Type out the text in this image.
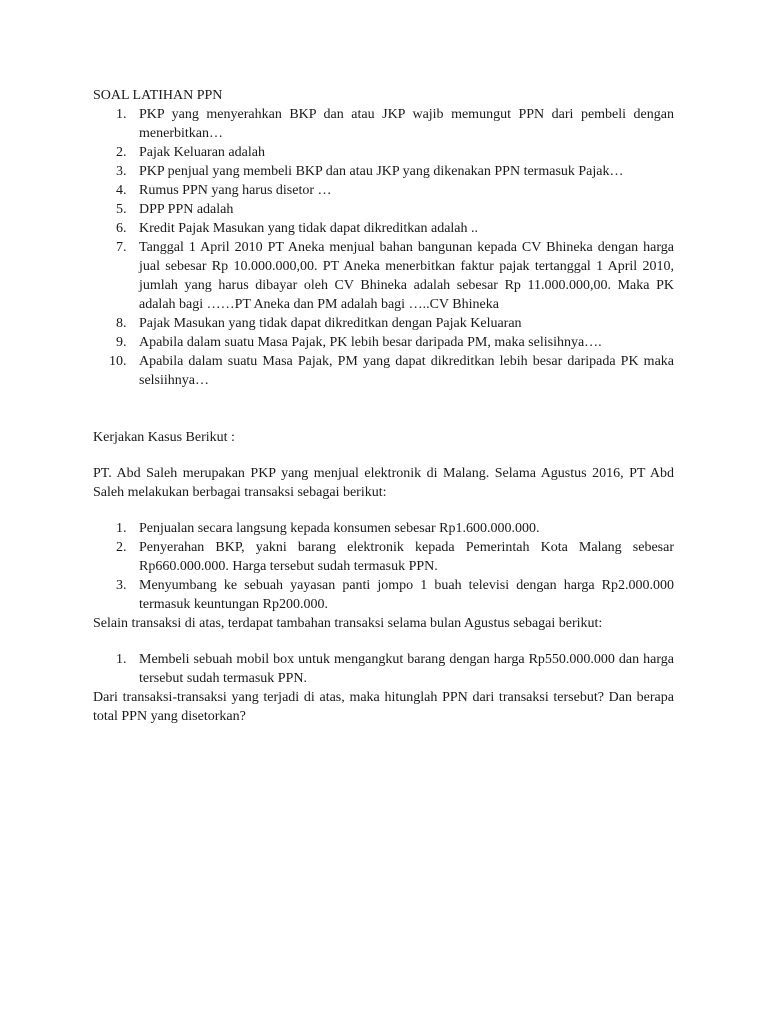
SOAL LATIHAN PPN
1. PKP yang menyerahkan BKP dan atau JKP wajib memungut PPN dari pembeli dengan menerbitkan…
2. Pajak Keluaran adalah
3. PKP penjual yang membeli BKP dan atau JKP yang dikenakan PPN termasuk Pajak…
4. Rumus PPN yang harus disetor …
5. DPP PPN adalah
6. Kredit Pajak Masukan yang tidak dapat dikreditkan adalah ..
7. Tanggal 1 April 2010 PT Aneka menjual bahan bangunan kepada CV Bhineka dengan harga jual sebesar Rp 10.000.000,00. PT Aneka menerbitkan faktur pajak tertanggal 1 April 2010, jumlah yang harus dibayar oleh CV Bhineka adalah sebesar Rp 11.000.000,00. Maka PK adalah bagi ……PT Aneka dan PM adalah bagi …..CV Bhineka
8. Pajak Masukan yang tidak dapat dikreditkan dengan Pajak Keluaran
9. Apabila dalam suatu Masa Pajak, PK lebih besar daripada PM, maka selisihnya….
10. Apabila dalam suatu Masa Pajak, PM yang dapat dikreditkan lebih besar daripada PK maka selsiihnya…

Kerjakan Kasus Berikut :

PT. Abd Saleh merupakan PKP yang menjual elektronik di Malang. Selama Agustus 2016, PT Abd Saleh melakukan berbagai transaksi sebagai berikut:

1. Penjualan secara langsung kepada konsumen sebesar Rp1.600.000.000.
2. Penyerahan BKP, yakni barang elektronik kepada Pemerintah Kota Malang sebesar Rp660.000.000. Harga tersebut sudah termasuk PPN.
3. Menyumbang ke sebuah yayasan panti jompo 1 buah televisi dengan harga Rp2.000.000 termasuk keuntungan Rp200.000.

Selain transaksi di atas, terdapat tambahan transaksi selama bulan Agustus sebagai berikut:

1. Membeli sebuah mobil box untuk mengangkut barang dengan harga Rp550.000.000 dan harga tersebut sudah termasuk PPN.

Dari transaksi-transaksi yang terjadi di atas, maka hitunglah PPN dari transaksi tersebut? Dan berapa total PPN yang disetorkan?
